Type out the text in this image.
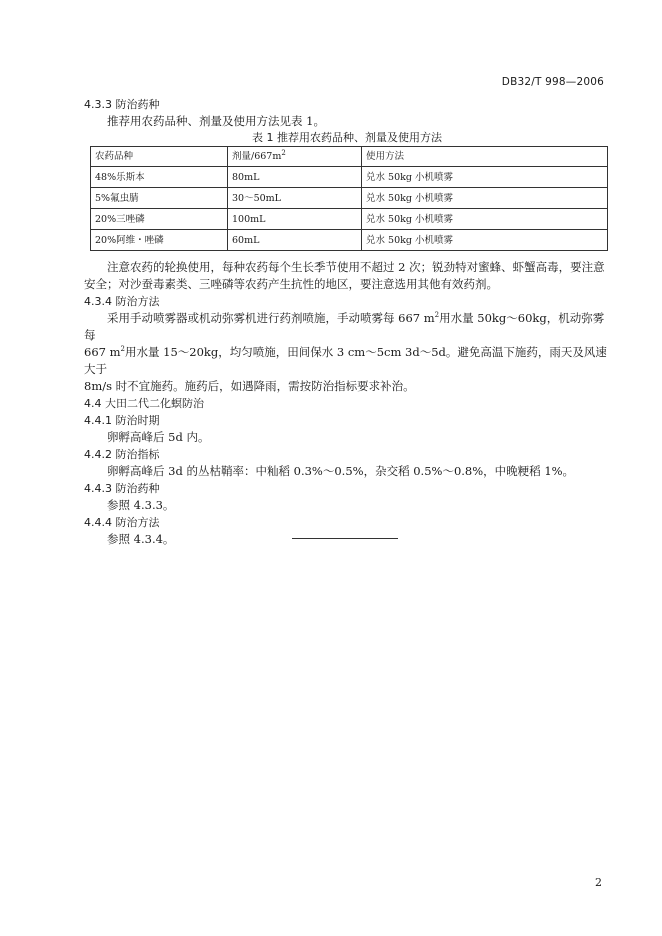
DB32/T 998—2006

4.3.3 防治药种

推荐用农药品种、剂量及使用方法见表 1。

表 1 推荐用农药品种、剂量及使用方法

农药品种	剂量$/667m^2$	使用方法
48%乐斯本	80mL	兑水 50kg 小机喷雾
5%氟虫腈	30～50mL	兑水 50kg 小机喷雾
20%三唑磷	100mL	兑水 50kg 小机喷雾
20%阿维・唑磷	60mL	兑水 50kg 小机喷雾

注意农药的轮换使用，每种农药每个生长季节使用不超过 2 次；锐劲特对蜜蜂、虾蟹高毒，要注意

安全；对沙蚕毒素类、三唑磷等农药产生抗性的地区，要注意选用其他有效药剂。

4.3.4 防治方法

采用手动喷雾器或机动弥雾机进行药剂喷施，手动喷雾每 667 $m^2$用水量 50kg～60kg，机动弥雾每

667 $m^2$用水量 15～20kg，均匀喷施，田间保水 3 cm～5cm 3d～5d。避免高温下施药，雨天及风速大于

8m/s 时不宜施药。施药后，如遇降雨，需按防治指标要求补治。

4.4 大田二代二化螟防治

4.4.1 防治时期

卵孵高峰后 5d 内。

4.4.2 防治指标

卵孵高峰后 3d 的丛枯鞘率：中籼稻 0.3%～0.5%，杂交稻 0.5%～0.8%，中晚粳稻 1%。

4.4.3 防治药种

参照 4.3.3。

4.4.4 防治方法

参照 4.3.4。

2
